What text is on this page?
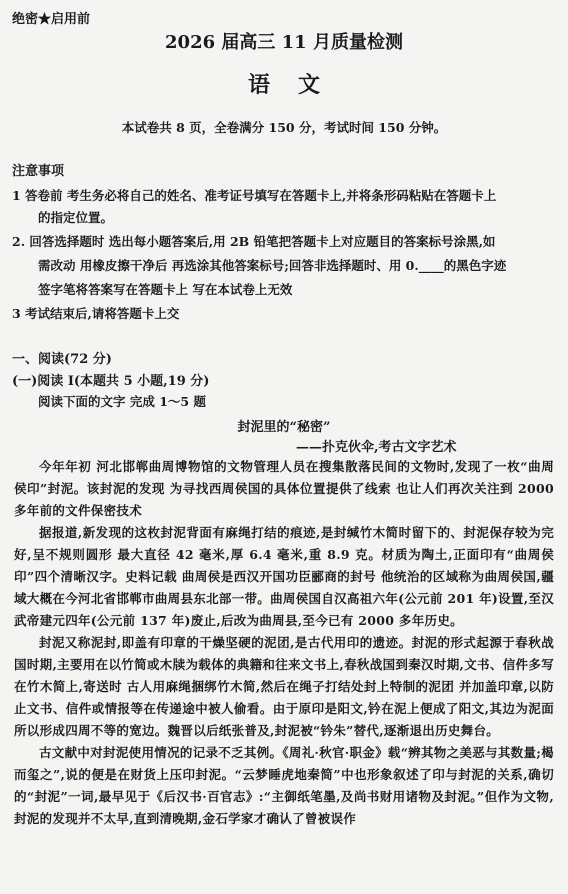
绝密★启用前
2026 届高三 11 月质量检测
语文
本试卷共 8 页，全卷满分 150 分，考试时间 150 分钟。
注意事项
1 答卷前 考生务必将自己的姓名、准考证号填写在答题卡上,并将条形码粘贴在答题卡上
的指定位置。
2. 回答选择题时 选出每小题答案后,用 2B 铅笔把答题卡上对应题目的答案标号涂黑,如
需改动 用橡皮擦干净后 再选涂其他答案标号;回答非选择题时、用 0.____的黑色字迹
签字笔将答案写在答题卡上 写在本试卷上无效
3 考试结束后,请将答题卡上交
一、阅读(72 分)
(一)阅读 Ⅰ(本题共 5 小题,19 分)
阅读下面的文字 完成 1～5 题
封泥里的“秘密”
——扑克伙伞,考古文字艺术

今年年初 河北邯郸曲周博物馆的文物管理人员在搜集散落民间的文物时,发现了一枚“曲周侯印”封泥。该封泥的发现 为寻找西周侯国的具体位置提供了线索 也让人们再次关注到 2000 多年前的文件保密技术

据报道,新发现的这枚封泥背面有麻绳打结的痕迹,是封缄竹木简时留下的、封泥保存较为完好,呈不规则圆形 最大直径 42 毫米,厚 6.4 毫米,重 8.9 克。材质为陶土,正面印有“曲周侯印”四个清晰汉字。史料记载 曲周侯是西汉开国功臣郦商的封号 他统治的区域称为曲周侯国,疆域大概在今河北省邯郸市曲周县东北部一带。曲周侯国自汉高祖六年(公元前 201 年)设置,至汉武帝建元四年(公元前 137 年)废止,后改为曲周县,至今已有 2000 多年历史。

封泥又称泥封,即盖有印章的干燥坚硬的泥团,是古代用印的遗迹。封泥的形式起源于春秋战国时期,主要用在以竹简或木牍为载体的典籍和往来文书上,春秋战国到秦汉时期,文书、信件多写在竹木简上,寄送时 古人用麻绳捆绑竹木简,然后在绳子打结处封上特制的泥团 并加盖印章,以防止文书、信件或情报等在传递途中被人偷看。由于原印是阳文,钤在泥上便成了阳文,其边为泥面 所以形成四周不等的宽边。魏晋以后纸张普及,封泥被“钤朱”替代,逐渐退出历史舞台。

古文献中对封泥使用情况的记录不乏其例。《周礼·秋官·职金》载“辨其物之美恶与其数量;楬而玺之”,说的便是在财货上压印封泥。“云梦睡虎地秦简”中也形象叙述了印与封泥的关系,确切的“封泥”一词,最早见于《后汉书·百官志》:“主御纸笔墨,及尚书财用诸物及封泥。”但作为文物,封泥的发现并不太早,直到清晚期,金石学家才确认了曾被误作
